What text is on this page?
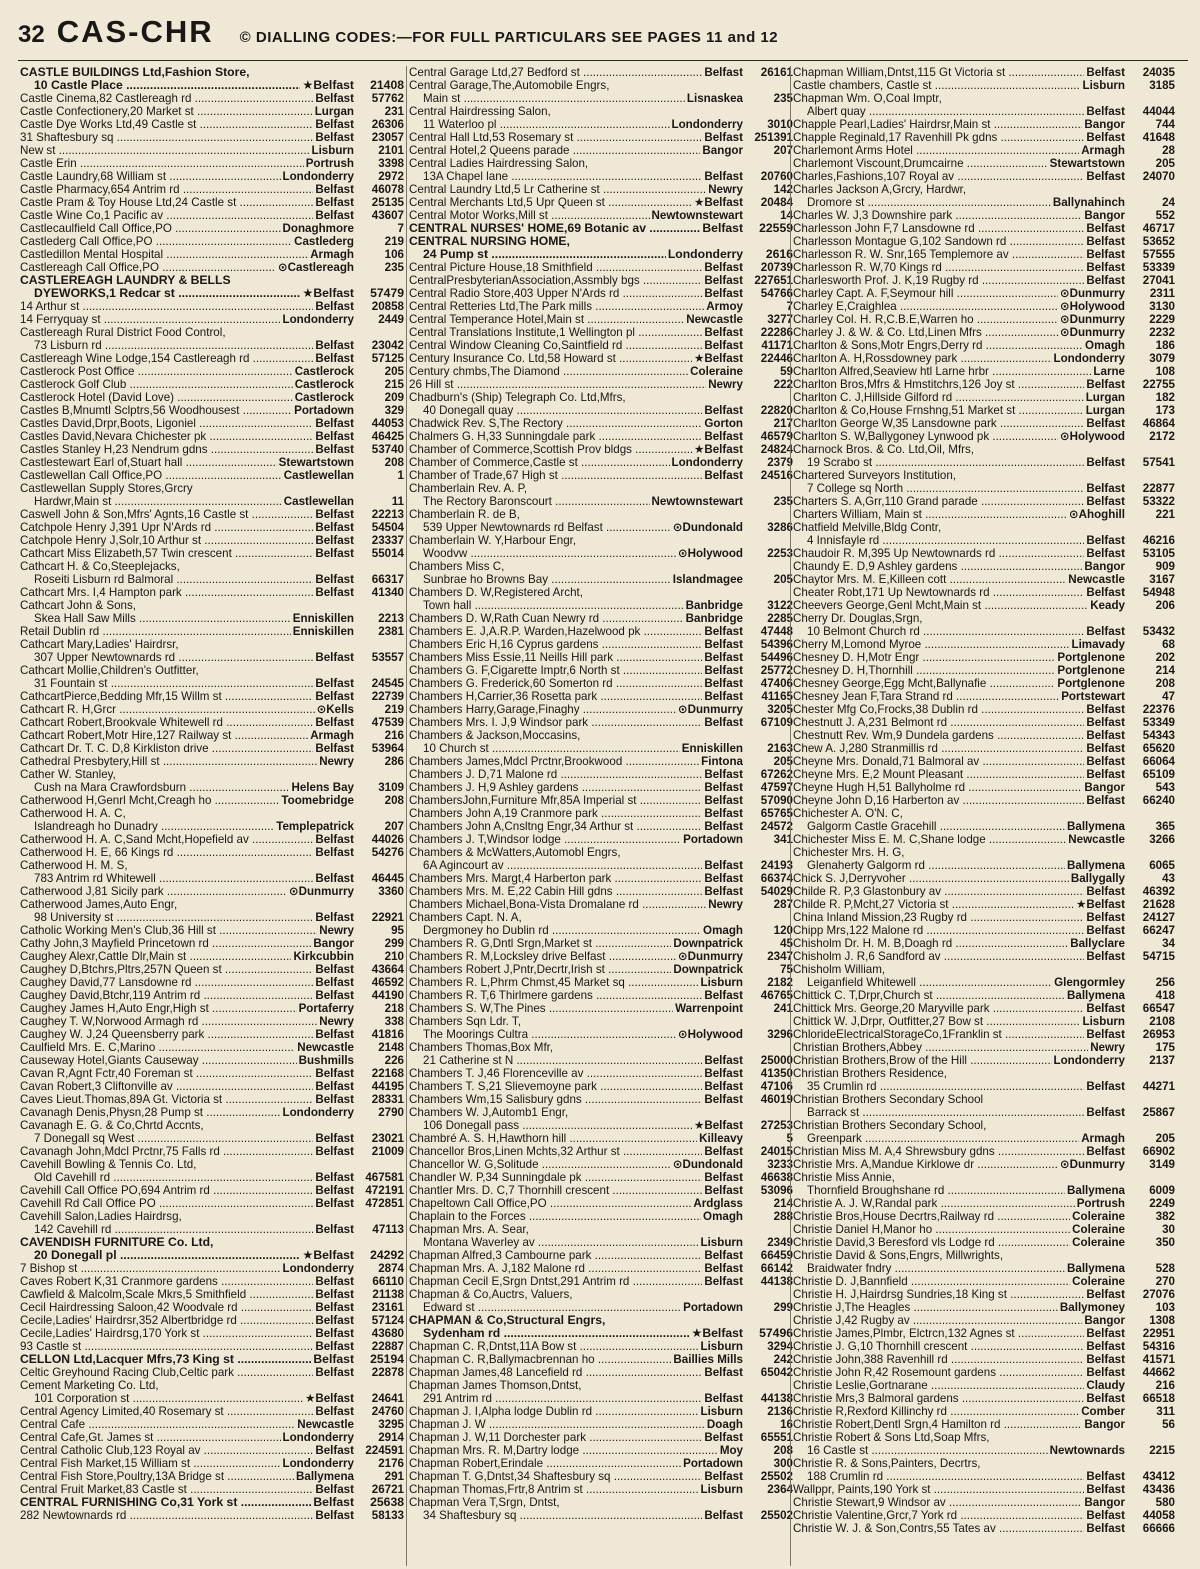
32 CAS-CHR © DIALLING CODES:—FOR FULL PARTICULARS SEE PAGES 11 and 12
CASTLE BUILDINGS Ltd,Fashion Store,
10 Castle Place .....	★Belfast	21408
Castle Cinema,82 Castlereagh rd .....	Belfast	57762
Castle Confectionery,20 Market st .....	Lurgan	231
Castle Dye Works Ltd,49 Castle st .....	Belfast	26306
31 Shaftesbury sq .....	Belfast	23057
New st .....	Lisburn	2101
Castle Erin .....	Portrush	3398
Castle Laundry,68 William st .....	Londonderry	2972
Castle Pharmacy,654 Antrim rd .....	Belfast	46078
Castle Pram & Toy House Ltd,24 Castle st .....	Belfast	25135
Castle Wine Co,1 Pacific av .....	Belfast	43607
Castlecaulfield Call Office,PO .....	Donaghmore	7
Castlederg Call Office,PO .....	Castlederg	219
Castledillon Mental Hospital .....	Armagh	106
Castlereagh Call Office,PO .....	⊙Castlereagh	235
CASTLEREAGH LAUNDRY & BELLS
DYEWORKS,1 Redcar st .....	★Belfast	57479
14 Arthur st .....	Belfast	20858
14 Ferryquay st .....	Londonderry	2449
Castlereagh Rural District Food Control,
73 Lisburn rd .....	Belfast	23042
Castlereagh Wine Lodge,154 Castlereagh rd .....	Belfast	57125
Castlerock Post Office .....	Castlerock	205
Castlerock Golf Club .....	Castlerock	215
Castlerock Hotel (David Love) .....	Castlerock	209
Castles B,Mnumtl Sclptrs,56 Woodhousest .....	Portadown	329
Castles David,Drpr,Boots, Ligoniel .....	Belfast	44053
Castles David,Nevara Chichester pk .....	Belfast	46425
Castles Stanley H,23 Nendrum gdns .....	Belfast	53740
Castlestewart Earl of,Stuart hall .....	Stewartstown	208
Castlewellan Call Office,PO .....	Castlewellan	1
Castlewellan Supply Stores,Grcry
Hardwr,Main st .....	Castlewellan	11
Caswell John & Son,Mfrs' Agnts,16 Castle st .....	Belfast	22213
Catchpole Henry J,391 Upr N'Ards rd .....	Belfast	54504
Catchpole Henry J,Solr,10 Arthur st .....	Belfast	23337
Cathcart Miss Elizabeth,57 Twin crescent .....	Belfast	55014
Cathcart H. & Co,Steeplejacks,
Roseiti Lisburn rd Balmoral .....	Belfast	66317
Cathcart Mrs. I,4 Hampton park .....	Belfast	41340
Cathcart John & Sons,
Skea Hall Saw Mills .....	Enniskillen	2213
Retail Dublin rd .....	Enniskillen	2381
Cathcart Mary,Ladies' Hairdrsr,
307 Upper Newtownards rd .....	Belfast	53557
Cathcart Mollie,Children's Outfitter,
31 Fountain st .....	Belfast	24545
CathcartPierce,Bedding Mfr,15 Willm st .....	Belfast	22739
Cathcart R. H,Grcr .....	⊙Kells	219
Cathcart Robert,Brookvale Whitewell rd .....	Belfast	47539
Cathcart Robert,Motr Hire,127 Railway st .....	Armagh	216
Cathcart Dr. T. C. D,8 Kirkliston drive .....	Belfast	53964
Cathedral Presbytery,Hill st .....	Newry	286
Cather W. Stanley,
Cush na Mara Crawfordsburn .....	Helens Bay	3109
Catherwood H,Genrl Mcht,Creagh ho .....	Toomebridge	208
Catherwood H. A. C,
Islandreagh ho Dunadry .....	Templepatrick	207
Catherwood H. A. C,Sand Mcht,Hopefield av .....	Belfast	44026
Catherwood H. E, 66 Kings rd .....	Belfast	54276
Catherwood H. M. S,
783 Antrim rd Whitewell .....	Belfast	46445
Catherwood J,81 Sicily park .....	⊙Dunmurry	3360
Catherwood James,Auto Engr,
98 University st .....	Belfast	22921
Catholic Working Men's Club,36 Hill st .....	Newry	95
Cathy John,3 Mayfield Princetown rd .....	Bangor	299
Caughey Alexr,Cattle Dlr,Main st .....	Kirkcubbin	210
Caughey D,Btchrs,Pltrs,257N Queen st .....	Belfast	43664
Caughey David,77 Lansdowne rd .....	Belfast	46592
Caughey David,Btchr,119 Antrim rd .....	Belfast	44190
Caughey James H,Auto Engr,High st .....	Portaferry	218
Caughey T. W,Norwood Armagh rd .....	Newry	338
Caughey W. J,24 Queensberry park .....	Belfast	41816
Caulfield Mrs. E. C,Marino .....	Newcastle	2148
Causeway Hotel,Giants Causeway .....	Bushmills	226
Cavan R,Agnt Fctr,40 Foreman st .....	Belfast	22168
Cavan Robert,3 Cliftonville av .....	Belfast	44195
Caves Lieut.Thomas,89A Gt. Victoria st .....	Belfast	28331
Cavanagh Denis,Physn,28 Pump st .....	Londonderry	2790
Cavanagh E. G. & Co,Chrtd Accnts,
7 Donegall sq West .....	Belfast	23021
Cavanagh John,Mdcl Prctnr,75 Falls rd .....	Belfast	21009
Cavehill Bowling & Tennis Co. Ltd,
Old Cavehill rd .....	Belfast 467581
Cavehill Call Office PO,694 Antrim rd .....	Belfast 472191
Cavehill Rd Call Office PO .....	Belfast 472851
Cavehill Salon,Ladies Hairdrsg,
142 Cavehill rd .....	Belfast	47113
CAVENDISH FURNITURE Co. Ltd,
20 Donegall pl .....	★Belfast	24292
7 Bishop st .....	Londonderry	2874
Caves Robert K,31 Cranmore gardens .....	Belfast	66110
Cawfield & Malcolm,Scale Mkrs,5 Smithfield .....	Belfast	21138
Cecil Hairdressing Saloon,42 Woodvale rd .....	Belfast	23161
Cecile,Ladies' Hairdrsr,352 Albertbridge rd .....	Belfast	57124
Cecile,Ladies' Hairdrsg,170 York st .....	Belfast	43680
93 Castle st .....	Belfast	22887
CELLON Ltd,Lacquer Mfrs,73 King st .....	Belfast	25194
Celtic Greyhound Racing Club,Celtic park .....	Belfast	22878
Cement Marketing Co. Ltd,
101 Corporation st .....	★Belfast	24641
Central Agency Limited,40 Rosemary st .....	Belfast	24760
Central Cafe .....	Newcastle	3295
Central Cafe,Gt. James st .....	Londonderry	2914
Central Catholic Club,123 Royal av .....	Belfast 224591
Central Fish Market,15 William st .....	Londonderry	2176
Central Fish Store,Poultry,13A Bridge st .....	Ballymena	291
Central Fruit Market,83 Castle st .....	Belfast	26721
CENTRAL FURNISHING Co,31 York st .....	Belfast	25638
282 Newtownards rd .....	Belfast	58133
Central Garage Ltd,27 Bedford st .....	Belfast	26161
Central Garage,The,Automobile Engrs,
Main st .....	Lisnaskea	235
Central Hairdressing Salon,
11 Waterloo pl .....	Londonderry	3010
Central Hall Ltd,53 Rosemary st .....	Belfast 251391
Central Hotel,2 Queens parade .....	Bangor	207
Central Ladies Hairdressing Salon,
13A Chapel lane .....	Belfast	20760
Central Laundry Ltd,5 Lr Catherine st .....	Newry	142
Central Merchants Ltd,5 Upr Queen st .....	★Belfast	20484
Central Motor Works,Mill st .....	Newtownstewart	14
CENTRAL NURSES' HOME,69 Botanic av .....	Belfast	22559
CENTRAL NURSING HOME,
24 Pump st .....	Londonderry	2616
Central Picture House,18 Smithfield .....	Belfast	20739
CentralPresbyterianAssociation,Assmbly bgs .....	Belfast 227651
Central Radio Store,403 Upper N'Ards rd .....	Belfast	54766
Central Retteries Ltd,The Park mills .....	Armoy	7
Central Temperance Hotel,Main st .....	Newcastle	3277
Central Translations Institute,1 Wellington pl .....	Belfast	22286
Central Window Cleaning Co,Saintfield rd .....	Belfast	41171
Century Insurance Co. Ltd,58 Howard st .....	★Belfast	22446
Century chmbs,The Diamond .....	Coleraine	59
26 Hill st .....	Newry	222
Chadburn's (Ship) Telegraph Co. Ltd,Mfrs,
40 Donegall quay .....	Belfast	22820
Chadwick Rev. S,The Rectory .....	Gorton	217
Chalmers G. H,33 Sunningdale park .....	Belfast	46579
Chamber of Commerce,Scottish Prov bldgs .....	★Belfast	24824
Chamber of Commerce,Castle st .....	Londonderry	2379
Chamber of Trade,67 High st .....	Belfast	24516
Chamberlain Rev. A. P,
The Rectory Baronscourt .....	Newtownstewart	235
Chamberlain R. de B,
539 Upper Newtownards rd Belfast .....	⊙Dundonald	3286
Chamberlain W. Y,Harbour Engr,
Woodvw .....	⊙Holywood	2253
Chambers Miss C,
Sunbrae ho Browns Bay .....	Islandmagee	205
Chambers D. W,Registered Archt,
Town hall .....	Banbridge	3122
Chambers D. W,Rath Cuan Newry rd .....	Banbridge	2285
Chambers E. J,A.R.P. Warden,Hazelwood pk .....	Belfast	47448
Chambers Eric H,16 Cyprus gardens .....	Belfast	54396
Chambers Miss Essie,11 Neills Hill park .....	Belfast	54496
Chambers G. F,Cigarette Imptr,6 North st .....	Belfast	25772
Chambers G. Frederick,60 Somerton rd .....	Belfast	47406
Chambers H,Carrier,36 Rosetta park .....	Belfast	41165
Chambers Harry,Garage,Finaghy .....	⊙Dunmurry	3205
Chambers Mrs. I. J,9 Windsor park .....	Belfast	67109
Chambers & Jackson,Moccasins,
10 Church st .....	Enniskillen	2163
Chambers James,Mdcl Prctnr,Brookwood .....	Fintona	205
Chambers J. D,71 Malone rd .....	Belfast	67262
Chambers J. H,9 Ashley gardens .....	Belfast	47597
ChambersJohn,Furniture Mfr,85A Imperial st .....	Belfast	57090
Chambers John A,19 Cranmore park .....	Belfast	65765
Chambers John A,Cnsltng Engr,34 Arthur st .....	Belfast	24572
Chambers J. T,Windsor lodge .....	Portadown	341
Chambers & McWatters,Automobl Engrs,
6A Agincourt av .....	Belfast	24193
Chambers Mrs. Margt,4 Harberton park .....	Belfast	66374
Chambers Mrs. M. E,22 Cabin Hill gdns .....	Belfast	54029
Chambers Michael,Bona-Vista Dromalane rd .....	Newry	287
Chambers Capt. N. A,
Dergmoney ho Dublin rd .....	Omagh	120
Chambers R. G,Dntl Srgn,Market st .....	Downpatrick	45
Chambers R. M,Locksley drive Belfast .....	⊙Dunmurry	2347
Chambers Robert J,Pntr,Decrtr,Irish st .....	Downpatrick	75
Chambers R. L,Phrm Chmst,45 Market sq .....	Lisburn	2182
Chambers R. T,6 Thirlmere gardens .....	Belfast	46765
Chambers S. W,The Pines .....	Warrenpoint	241
Chambers Sqn Ldr. T,
The Moorings Cultra .....	⊙Holywood	3296
Chambers Thomas,Box Mfr,
21 Catherine st N .....	Belfast	25000
Chambers T. J,46 Florenceville av .....	Belfast	41350
Chambers T. S,21 Slievemoyne park .....	Belfast	47106
Chambers Wm,15 Salisbury gdns .....	Belfast	46019
Chambers W. J,Automb1 Engr,
106 Donegall pass .....	★Belfast	27253
Chambré A. S. H,Hawthorn hill .....	Killeavy	5
Chancellor Bros,Linen Mchts,32 Arthur st .....	Belfast	24015
Chancellor W. G,Solitude .....	⊙Dundonald	3233
Chandler W. P,34 Sunningdale pk .....	Belfast	46638
Chantler Mrs. D. C,7 Thornhill crescent .....	Belfast	53096
Chapeltown Call Office,PO .....	Ardglass	214
Chaplain to the Forces .....	Omagh	288
Chapman Mrs. A. Sear,
Montana Waverley av .....	Lisburn	2349
Chapman Alfred,3 Cambourne park .....	Belfast	66459
Chapman Mrs. A. J,182 Malone rd .....	Belfast	66142
Chapman Cecil E,Srgn Dntst,291 Antrim rd .....	Belfast	44138
Chapman & Co,Auctrs, Valuers,
Edward st .....	Portadown	299
CHAPMAN & Co,Structural Engrs,
Sydenham rd .....	★Belfast	57496
Chapman C. R,Dntst,11A Bow st .....	Lisburn	3294
Chapman C. R,Ballymacbrennan ho .....	Baillies Mills	242
Chapman James,48 Lancefield rd .....	Belfast	65042
Chapman James Thomson,Dntst,
291 Antrim rd .....	Belfast	44138
Chapman J. I,Alpha lodge Dublin rd .....	Lisburn	2136
Chapman J. W .....	Doagh	16
Chapman J. W,11 Dorchester park .....	Belfast	65551
Chapman Mrs. R. M,Dartry lodge .....	Moy	208
Chapman Robert,Erindale .....	Portadown	300
Chapman T. G,Dntst,34 Shaftesbury sq .....	Belfast	25502
Chapman Thomas,Frtr,8 Antrim st .....	Lisburn	2364
Chapman Vera T,Srgn, Dntst,
34 Shaftesbury sq .....	Belfast	25502
Chapman William,Dntst,115 Gt Victoria st .....	Belfast	24035
Castle chambers, Castle st .....	Lisburn	3185
Chapman Wm. O,Coal Imptr,
Albert quay .....	Belfast	44044
Chapple Pearl,Ladies' Hairdrsr,Main st .....	Bangor	744
Chapple Reginald,17 Ravenhill Pk gdns .....	Belfast	41648
Charlemont Arms Hotel .....	Armagh	28
Charlemont Viscount,Drumcairne .....	Stewartstown	205
Charles,Fashions,107 Royal av .....	Belfast	24070
Charles Jackson A,Grcry, Hardwr,
Dromore st .....	Ballynahinch	24
Charles W. J,3 Downshire park .....	Bangor	552
Charlesson John F,7 Lansdowne rd .....	Belfast	46717
Charlesson Montague G,102 Sandown rd .....	Belfast	53652
Charlesson R. W. Snr,165 Templemore av .....	Belfast	57555
Charlesson R. W,70 Kings rd .....	Belfast	53339
Charlesworth Prof. J. K,19 Rugby rd .....	Belfast	27041
Charley Capt. A. F,Seymour hill .....	⊙Dunmurry	2311
Charley E,Craighlea .....	⊙Holywood	3130
Charley Col. H. R,C.B.E,Warren ho .....	⊙Dunmurry	2229
Charley J. & W. & Co. Ltd,Linen Mfrs .....	⊙Dunmurry	2232
Charlton & Sons,Motr Engrs,Derry rd .....	Omagh	186
Charlton A. H,Rossdowney park .....	Londonderry	3079
Charlton Alfred,Seaview htl Larne hrbr .....	Larne	108
Charlton Bros,Mfrs & Hmstitchrs,126 Joy st .....	Belfast	22755
Charlton C. J,Hillside Gilford rd .....	Lurgan	182
Charlton & Co,House Frnshng,51 Market st .....	Lurgan	173
Charlton George W,35 Lansdowne park .....	Belfast	46864
Charlton S. W,Ballygoney Lynwood pk .....	⊙Holywood	2172
Charnock Bros. & Co. Ltd,Oil, Mfrs,
19 Scrabo st .....	Belfast	57541
Chartered Surveyors Institution,
7 College sq North .....	Belfast	22877
Charters S. A,Grr,110 Grand parade .....	Belfast	53322
Charters William, Main st .....	⊙Ahoghill	221
Chatfield Melville,Bldg Contr,
4 Innisfayle rd .....	Belfast	46216
Chaudoir R. M,395 Up Newtownards rd .....	Belfast	53105
Chaundy E. D,9 Ashley gardens .....	Bangor	909
Chaytor Mrs. M. E,Killeen cott .....	Newcastle	3167
Cheater Robt,171 Up Newtownards rd .....	Belfast	54948
Cheevers George,Genl Mcht,Main st .....	Keady	206
Cherry Dr. Douglas,Srgn,
10 Belmont Church rd .....	Belfast	53432
Cherry M,Lomond Myroe .....	Limavady	68
Chesney D. H,Motr Engr .....	Portglenone	202
Chesney D. H,Thornhill .....	Portglenone	214
Chesney George,Egg Mcht,Ballynafie .....	Portglenone	208
Chesney Jean F,Tara Strand rd .....	Portstewart	47
Chester Mfg Co,Frocks,38 Dublin rd .....	Belfast	22376
Chestnutt J. A,231 Belmont rd .....	Belfast	53349
Chestnutt Rev. Wm,9 Dundela gardens .....	Belfast	54343
Chew A. J,280 Stranmillis rd .....	Belfast	65620
Cheyne Mrs. Donald,71 Balmoral av .....	Belfast	66064
Cheyne Mrs. E,2 Mount Pleasant .....	Belfast	65109
Cheyne Hugh H,51 Ballyholme rd .....	Bangor	543
Cheyne John D,16 Harberton av .....	Belfast	66240
Chichester A. O'N. C,
Galgorm Castle Gracehill .....	Ballymena	365
Chichester Miss E. M. C,Shane lodge .....	Newcastle	3266
Chichester Mrs. H. G,
Glenaherty Galgorm rd .....	Ballymena	6065
Chick S. J,Derryvoher .....	Ballygally	43
Childe R. P,3 Glastonbury av .....	Belfast	46392
Childe R. P,Mcht,27 Victoria st .....	★Belfast	21628
China Inland Mission,23 Rugby rd .....	Belfast	24127
Chipp Mrs,122 Malone rd .....	Belfast	66247
Chisholm Dr. H. M. B,Doagh rd .....	Ballyclare	34
Chisholm J. R,6 Sandford av .....	Belfast	54715
Chisholm William,
Leiganfield Whitewell .....	Glengormley	256
Chittick C. T,Drpr,Church st .....	Ballymena	418
Chittick Mrs. George,20 Maryville park .....	Belfast	66547
Chittick W. J,Drpr, Outfitter,27 Bow st .....	Lisburn	2108
ChlorideElectricalStorageCo,1Franklin st .....	Belfast	26953
Christian Brothers,Abbey .....	Newry	175
Christian Brothers,Brow of the Hill .....	Londonderry	2137
Christian Brothers Residence,
35 Crumlin rd .....	Belfast	44271
Christian Brothers Secondary School
Barrack st .....	Belfast	25867
Christian Brothers Secondary School,
Greenpark .....	Armagh	205
Christian Miss M. A,4 Shrewsbury gdns .....	Belfast	66902
Christie Mrs. A,Mandue Kirklowe dr .....	⊙Dunmurry	3149
Christie Miss Annie,
Thornfield Broughshane rd .....	Ballymena	6009
Christie A. J. W,Randal park .....	Portrush	2249
Christie Bros,House Decrtrs,Railway rd .....	Coleraine	382
Christie Daniel H,Manor ho .....	Coleraine	30
Christie David,3 Beresford vls Lodge rd .....	Coleraine	350
Christie David & Sons,Engrs, Millwrights,
Braidwater fndry .....	Ballymena	528
Christie D. J,Bannfield .....	Coleraine	270
Christie H. J,Hairdrsg Sundries,18 King st .....	Belfast	27076
Christie J,The Heagles .....	Ballymoney	103
Christie J,42 Rugby av .....	Bangor	1308
Christie James,Plmbr, Elctrcn,132 Agnes st .....	Belfast	22951
Christie J. G,10 Thornhill crescent .....	Belfast	54316
Christie John,388 Ravenhill rd .....	Belfast	41571
Christie John R,42 Rosemount gardens .....	Belfast	44662
Christie Leslie,Gortnarane .....	Claudy	216
Christie Mrs,3 Balmoral gardens .....	Belfast	66518
Christie R,Rexford Killinchy rd .....	Comber	311
Christie Robert,Dentl Srgn,4 Hamilton rd .....	Bangor	56
Christie Robert & Sons Ltd,Soap Mfrs,
16 Castle st .....	Newtownards	2215
Christie R. & Sons,Painters, Decrtrs,
188 Crumlin rd .....	Belfast	43412
Wallppr, Paints,190 York st .....	Belfast	43436
Christie Stewart,9 Windsor av .....	Bangor	580
Christie Valentine,Grcr,7 York rd .....	Belfast	44058
Christie W. J. & Son,Contrs,55 Tates av .....	Belfast	66666
